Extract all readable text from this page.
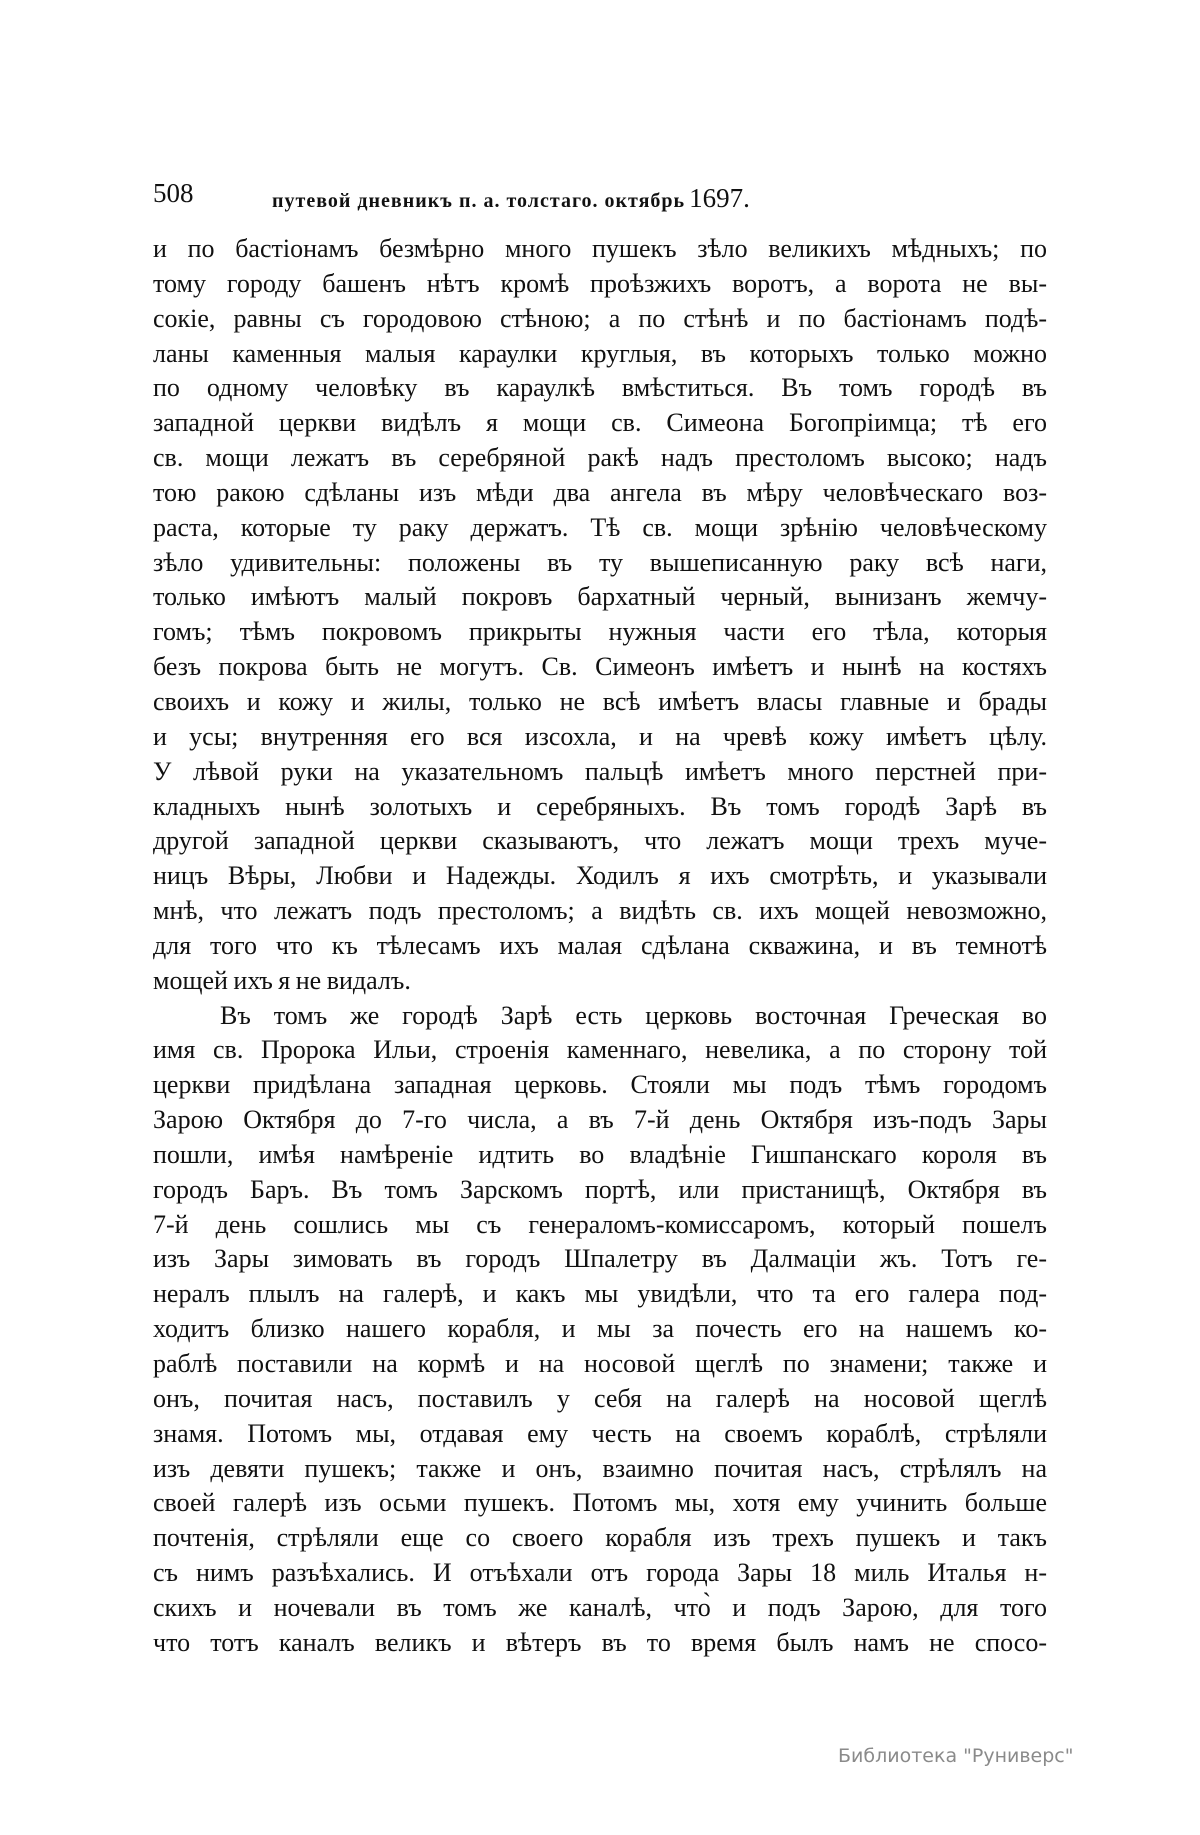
508	путевой дневникъ п. а. толстаго. октябрь 1697.
и по бастіонамъ безмѣрно много пушекъ зѣло великихъ мѣдныхъ; по
тому городу башенъ нѣтъ кромѣ проѣзжихъ воротъ, а ворота не вы-
сокіе, равны съ городовою стѣною; а по стѣнѣ и по бастіонамъ подѣ-
ланы каменныя малыя караулки круглыя, въ которыхъ только можно
по одному человѣку въ караулкѣ вмѣститься. Въ томъ городѣ въ
западной церкви видѣлъ я мощи св. Симеона Богопріимца; тѣ его
св. мощи лежатъ въ серебряной ракѣ надъ престоломъ высоко; надъ
тою ракою сдѣланы изъ мѣди два ангела въ мѣру человѣческаго воз-
раста, которые ту раку держатъ. Тѣ св. мощи зрѣнію человѣческому
зѣло удивительны: положены въ ту вышеписанную раку всѣ наги,
только имѣютъ малый покровъ бархатный черный, вынизанъ жемчу-
гомъ; тѣмъ покровомъ прикрыты нужныя части его тѣла, которыя
безъ покрова быть не могутъ. Св. Симеонъ имѣетъ и нынѣ на костяхъ
своихъ и кожу и жилы, только не всѣ имѣетъ власы главные и брады
и усы; внутренняя его вся изсохла, и на чревѣ кожу имѣетъ цѣлу.
У лѣвой руки на указательномъ пальцѣ имѣетъ много перстней при-
кладныхъ нынѣ золотыхъ и серебряныхъ. Въ томъ городѣ Зарѣ въ
другой западной церкви сказываютъ, что лежатъ мощи трехъ муче-
ницъ Вѣры, Любви и Надежды. Ходилъ я ихъ смотрѣть, и указывали
мнѣ, что лежатъ подъ престоломъ; а видѣть св. ихъ мощей невозможно,
для того что къ тѣлесамъ ихъ малая сдѣлана скважина, и въ темнотѣ
мощей ихъ я не видалъ.
Въ томъ же городѣ Зарѣ есть церковь восточная Греческая во
имя св. Пророка Ильи, строенія каменнаго, невелика, а по сторону той
церкви придѣлана западная церковь. Стояли мы подъ тѣмъ городомъ
Зарою Октября до 7-го числа, а въ 7-й день Октября изъ-подъ Зары
пошли, имѣя намѣреніе идтить во владѣніе Гишпанскаго короля въ
городъ Баръ. Въ томъ Зарскомъ портѣ, или пристанищѣ, Октября въ
7-й день сошлись мы съ генераломъ-комиссаромъ, который пошелъ
изъ Зары зимовать въ городъ Шпалетру въ Далмаціи жъ. Тотъ ге-
нералъ плылъ на галерѣ, и какъ мы увидѣли, что та его галера под-
ходитъ близко нашего корабля, и мы за почесть его на нашемъ ко-
раблѣ поставили на кормѣ и на носовой щеглѣ по знамени; также и
онъ, почитая насъ, поставилъ у себя на галерѣ на носовой щеглѣ
знамя. Потомъ мы, отдавая ему честь на своемъ кораблѣ, стрѣляли
изъ девяти пушекъ; также и онъ, взаимно почитая насъ, стрѣлялъ на
своей галерѣ изъ осьми пушекъ. Потомъ мы, хотя ему учинить больше
почтенія, стрѣляли еще со своего корабля изъ трехъ пушекъ и такъ
съ нимъ разъѣхались. И отъѣхали отъ города Зары 18 миль Италья н-
скихъ и ночевали въ томъ же каналѣ, что̀ и подъ Зарою, для того
что тотъ каналъ великъ и вѣтеръ въ то время былъ намъ не спосо-
Библиотека "Руниверс"
